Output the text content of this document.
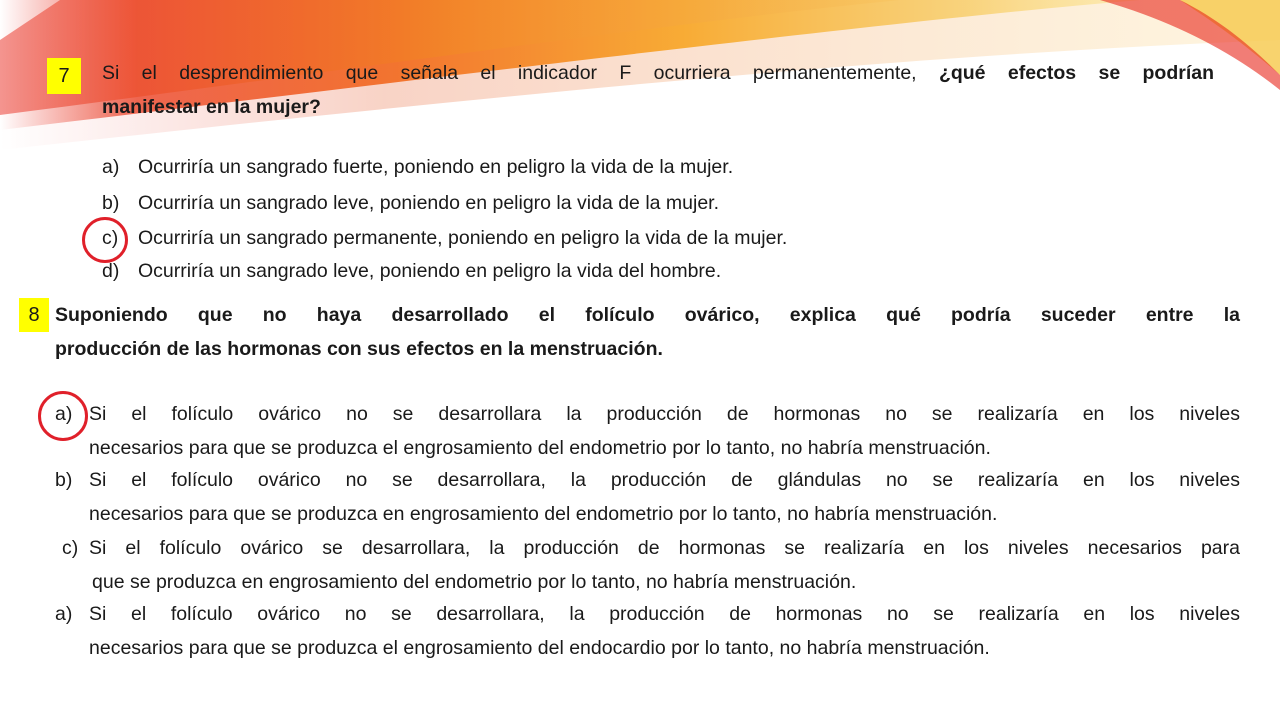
7	Si el desprendimiento que señala el indicador F ocurriera permanentemente, ¿qué efectos se podrían
manifestar en la mujer?
a) Ocurriría un sangrado fuerte, poniendo en peligro la vida de la mujer.
b) Ocurriría un sangrado leve, poniendo en peligro la vida de la mujer.
c) Ocurriría un sangrado permanente, poniendo en peligro la vida de la mujer.
d) Ocurriría un sangrado leve, poniendo en peligro la vida del hombre.
8 Suponiendo que no haya desarrollado el folículo ovárico, explica qué podría suceder entre la
producción de las hormonas con sus efectos en la menstruación.
a) Si el folículo ovárico no se desarrollara la producción de hormonas no se realizaría en los niveles
necesarios para que se produzca el engrosamiento del endometrio por lo tanto, no habría menstruación.
b) Si el folículo ovárico no se desarrollara, la producción de glándulas no se realizaría en los niveles
necesarios para que se produzca en engrosamiento del endometrio por lo tanto, no habría menstruación.
c) Si el folículo ovárico se desarrollara, la producción de hormonas se realizaría en los niveles necesarios para
que se produzca en engrosamiento del endometrio por lo tanto, no habría menstruación.
a) Si el folículo ovárico no se desarrollara, la producción de hormonas no se realizaría en los niveles
necesarios para que se produzca el engrosamiento del endocardio por lo tanto, no habría menstruación.
